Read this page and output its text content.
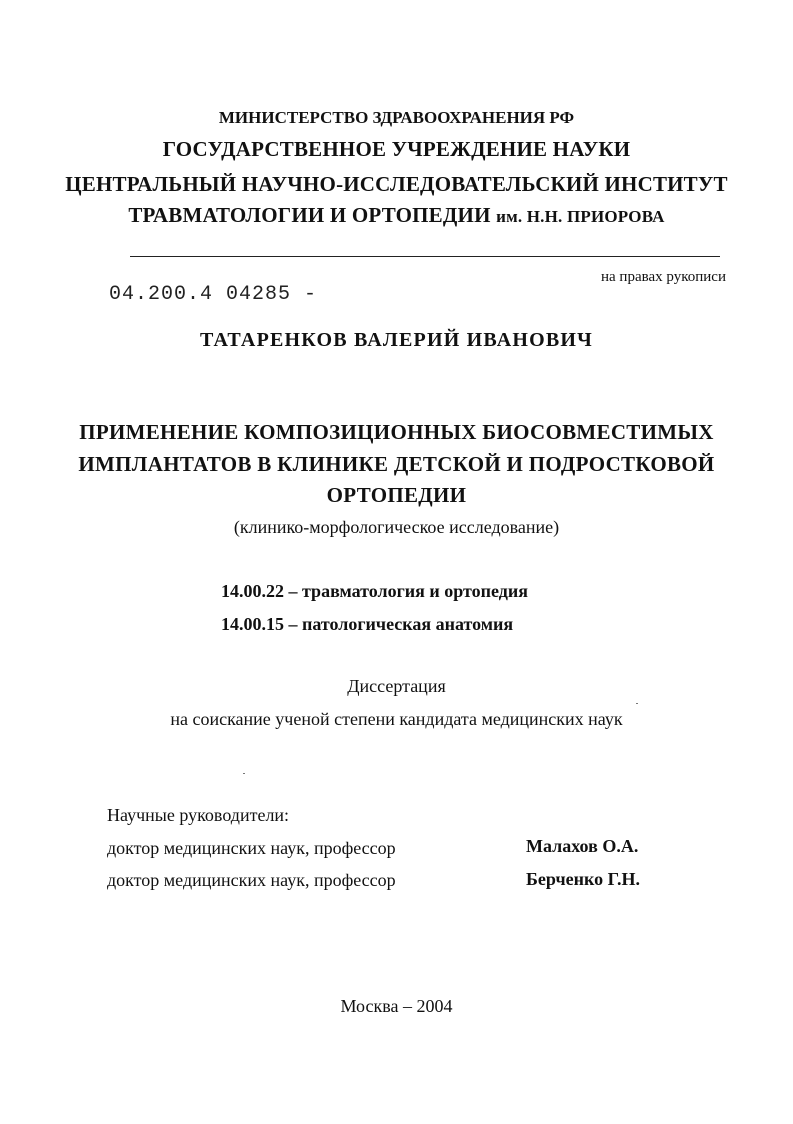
МИНИСТЕРСТВО ЗДРАВООХРАНЕНИЯ РФ
ГОСУДАРСТВЕННОЕ УЧРЕЖДЕНИЕ НАУКИ
ЦЕНТРАЛЬНЫЙ НАУЧНО-ИССЛЕДОВАТЕЛЬСКИЙ ИНСТИТУТ
ТРАВМАТОЛОГИИ И ОРТОПЕДИИ им. Н.Н. ПРИОРОВА
04.200.4 04285 -
на правах рукописи
ТАТАРЕНКОВ ВАЛЕРИЙ ИВАНОВИЧ
ПРИМЕНЕНИЕ КОМПОЗИЦИОННЫХ БИОСОВМЕСТИМЫХ
ИМПЛАНТАТОВ В КЛИНИКЕ ДЕТСКОЙ И ПОДРОСТКОВОЙ
ОРТОПЕДИИ
(клинико-морфологическое исследование)
14.00.22 – травматология и ортопедия
14.00.15 – патологическая анатомия
Диссертация
на соискание ученой степени кандидата медицинских наук
Научные руководители:
доктор медицинских наук, профессор	Малахов О.А.
доктор медицинских наук, профессор	Берченко Г.Н.
Москва – 2004
